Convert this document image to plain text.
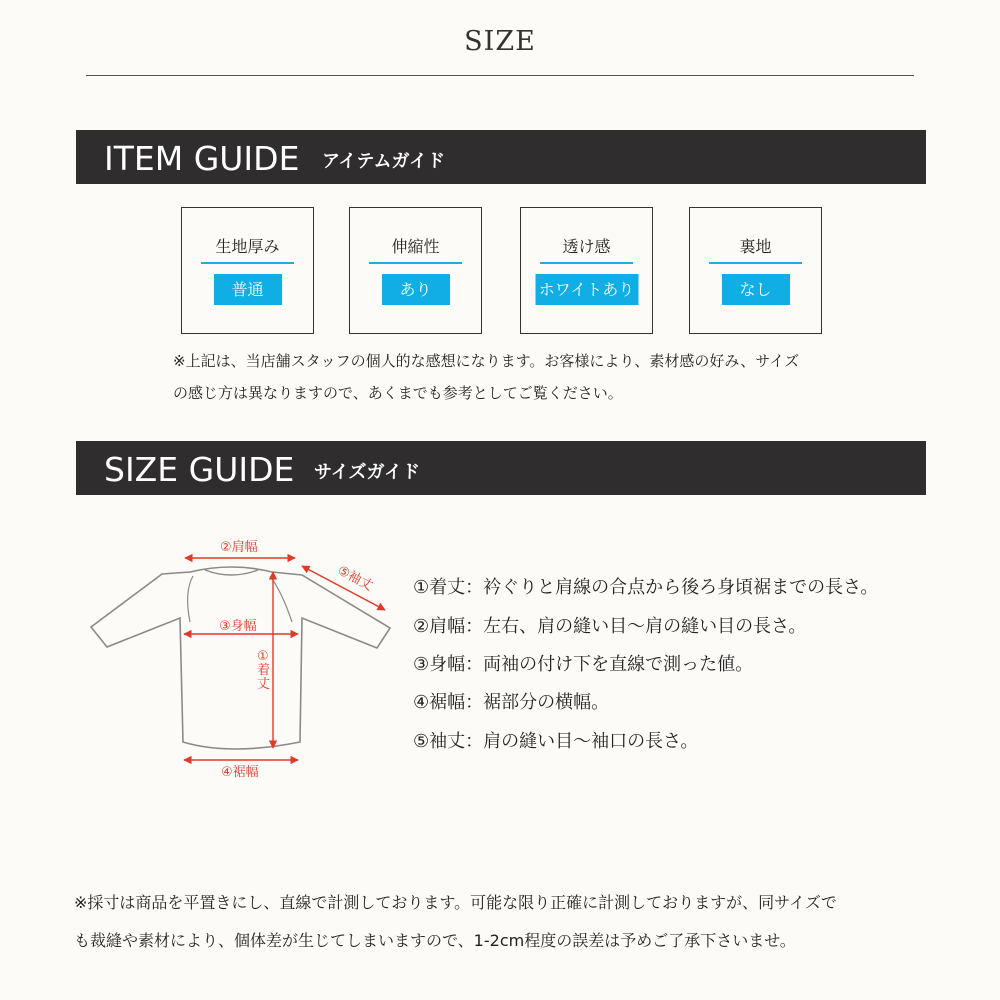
SIZE
ITEM GUIDE アイテムガイド
生地厚み
普通
伸縮性
あり
透け感
ホワイトあり
裏地
なし
※上記は、当店舗スタッフの個人的な感想になります。お客様により、素材感の好み、サイズ
の感じ方は異なりますので、あくまでも参考としてご覧ください。
SIZE GUIDE サイズガイド
②肩幅
⑤袖丈
③身幅
①
着
丈
④裾幅
①着丈：衿ぐりと肩線の合点から後ろ身頃裾までの長さ。
②肩幅：左右、肩の縫い目〜肩の縫い目の長さ。
③身幅：両袖の付け下を直線で測った値。
④裾幅：裾部分の横幅。
⑤袖丈：肩の縫い目〜袖口の長さ。
※採寸は商品を平置きにし、直線で計測しております。可能な限り正確に計測しておりますが、同サイズで
も裁縫や素材により、個体差が生じてしまいますので、1-2cm程度の誤差は予めご了承下さいませ。
